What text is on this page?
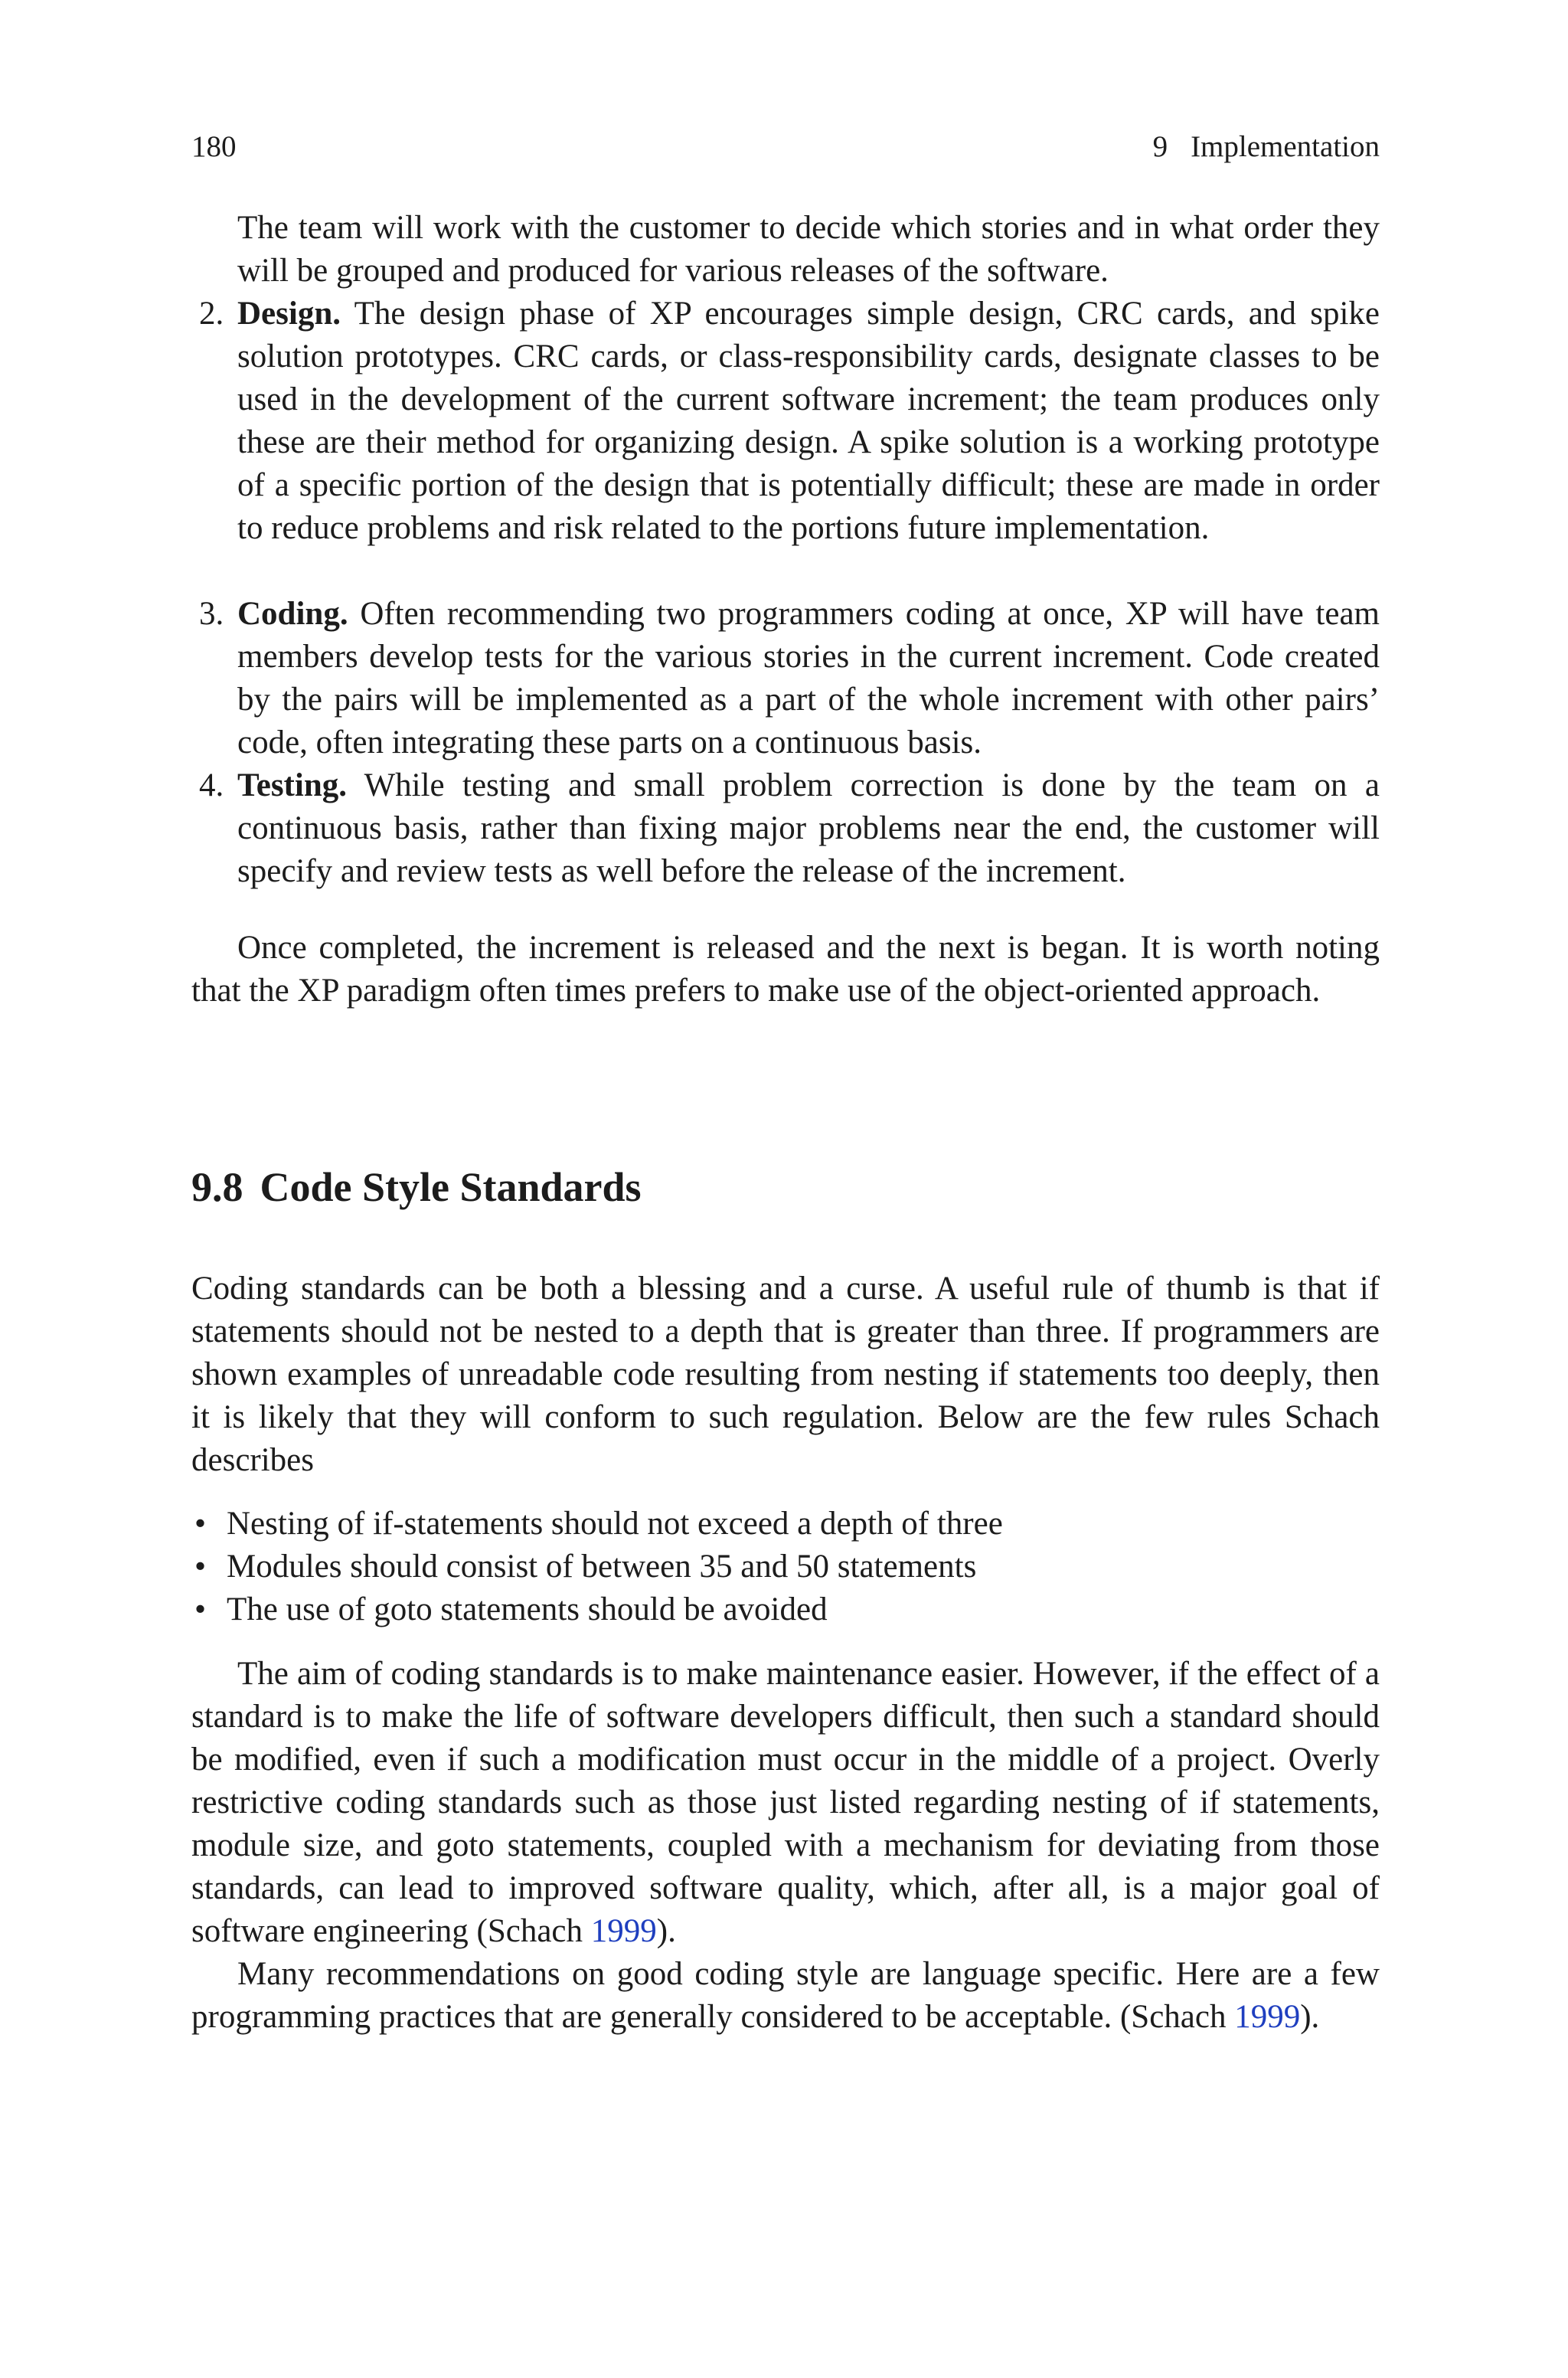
180	9 Implementation

The team will work with the customer to decide which stories and in what order they will be grouped and produced for various releases of the software.

2. Design. The design phase of XP encourages simple design, CRC cards, and spike solution prototypes. CRC cards, or class-responsibility cards, designate classes to be used in the development of the current software increment; the team produces only these are their method for organizing design. A spike solution is a working prototype of a specific portion of the design that is potentially difficult; these are made in order to reduce problems and risk related to the portions future implementation.

3. Coding. Often recommending two programmers coding at once, XP will have team members develop tests for the various stories in the current increment. Code created by the pairs will be implemented as a part of the whole increment with other pairs’ code, often integrating these parts on a continuous basis.

4. Testing. While testing and small problem correction is done by the team on a continuous basis, rather than fixing major problems near the end, the customer will specify and review tests as well before the release of the increment.

Once completed, the increment is released and the next is began. It is worth noting that the XP paradigm often times prefers to make use of the object-oriented approach.

9.8 Code Style Standards

Coding standards can be both a blessing and a curse. A useful rule of thumb is that if statements should not be nested to a depth that is greater than three. If programmers are shown examples of unreadable code resulting from nesting if statements too deeply, then it is likely that they will conform to such regulation. Below are the few rules Schach describes

• Nesting of if-statements should not exceed a depth of three
• Modules should consist of between 35 and 50 statements
• The use of goto statements should be avoided

The aim of coding standards is to make maintenance easier. However, if the effect of a standard is to make the life of software developers difficult, then such a standard should be modified, even if such a modification must occur in the middle of a project. Overly restrictive coding standards such as those just listed regarding nesting of if statements, module size, and goto statements, coupled with a mechanism for deviating from those standards, can lead to improved software quality, which, after all, is a major goal of software engineering (Schach 1999).

Many recommendations on good coding style are language specific. Here are a few programming practices that are generally considered to be acceptable. (Schach 1999).
